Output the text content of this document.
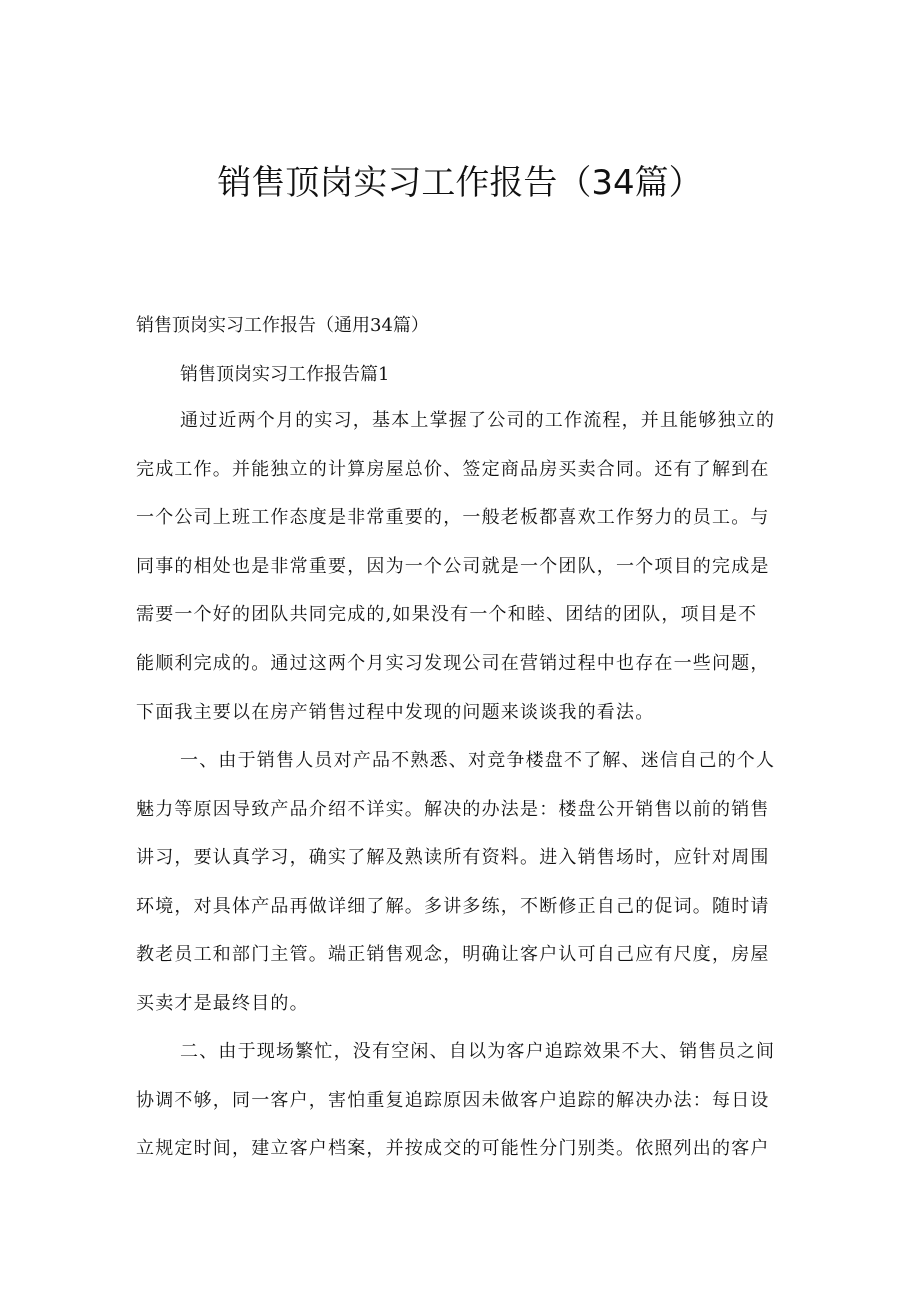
销售顶岗实习工作报告（34篇）

销售顶岗实习工作报告（通用34篇）

销售顶岗实习工作报告篇1

通过近两个月的实习，基本上掌握了公司的工作流程，并且能够独立的
完成工作。并能独立的计算房屋总价、签定商品房买卖合同。还有了解到在
一个公司上班工作态度是非常重要的，一般老板都喜欢工作努力的员工。与
同事的相处也是非常重要，因为一个公司就是一个团队，一个项目的完成是
需要一个好的团队共同完成的,如果没有一个和睦、团结的团队，项目是不
能顺利完成的。通过这两个月实习发现公司在营销过程中也存在一些问题，
下面我主要以在房产销售过程中发现的问题来谈谈我的看法。
一、由于销售人员对产品不熟悉、对竞争楼盘不了解、迷信自己的个人
魅力等原因导致产品介绍不详实。解决的办法是：楼盘公开销售以前的销售
讲习，要认真学习，确实了解及熟读所有资料。进入销售场时，应针对周围
环境，对具体产品再做详细了解。多讲多练，不断修正自己的促词。随时请
教老员工和部门主管。端正销售观念，明确让客户认可自己应有尺度，房屋
买卖才是最终目的。
二、由于现场繁忙，没有空闲、自以为客户追踪效果不大、销售员之间
协调不够，同一客户，害怕重复追踪原因未做客户追踪的解决办法：每日设
立规定时间，建立客户档案，并按成交的可能性分门别类。依照列出的客户
